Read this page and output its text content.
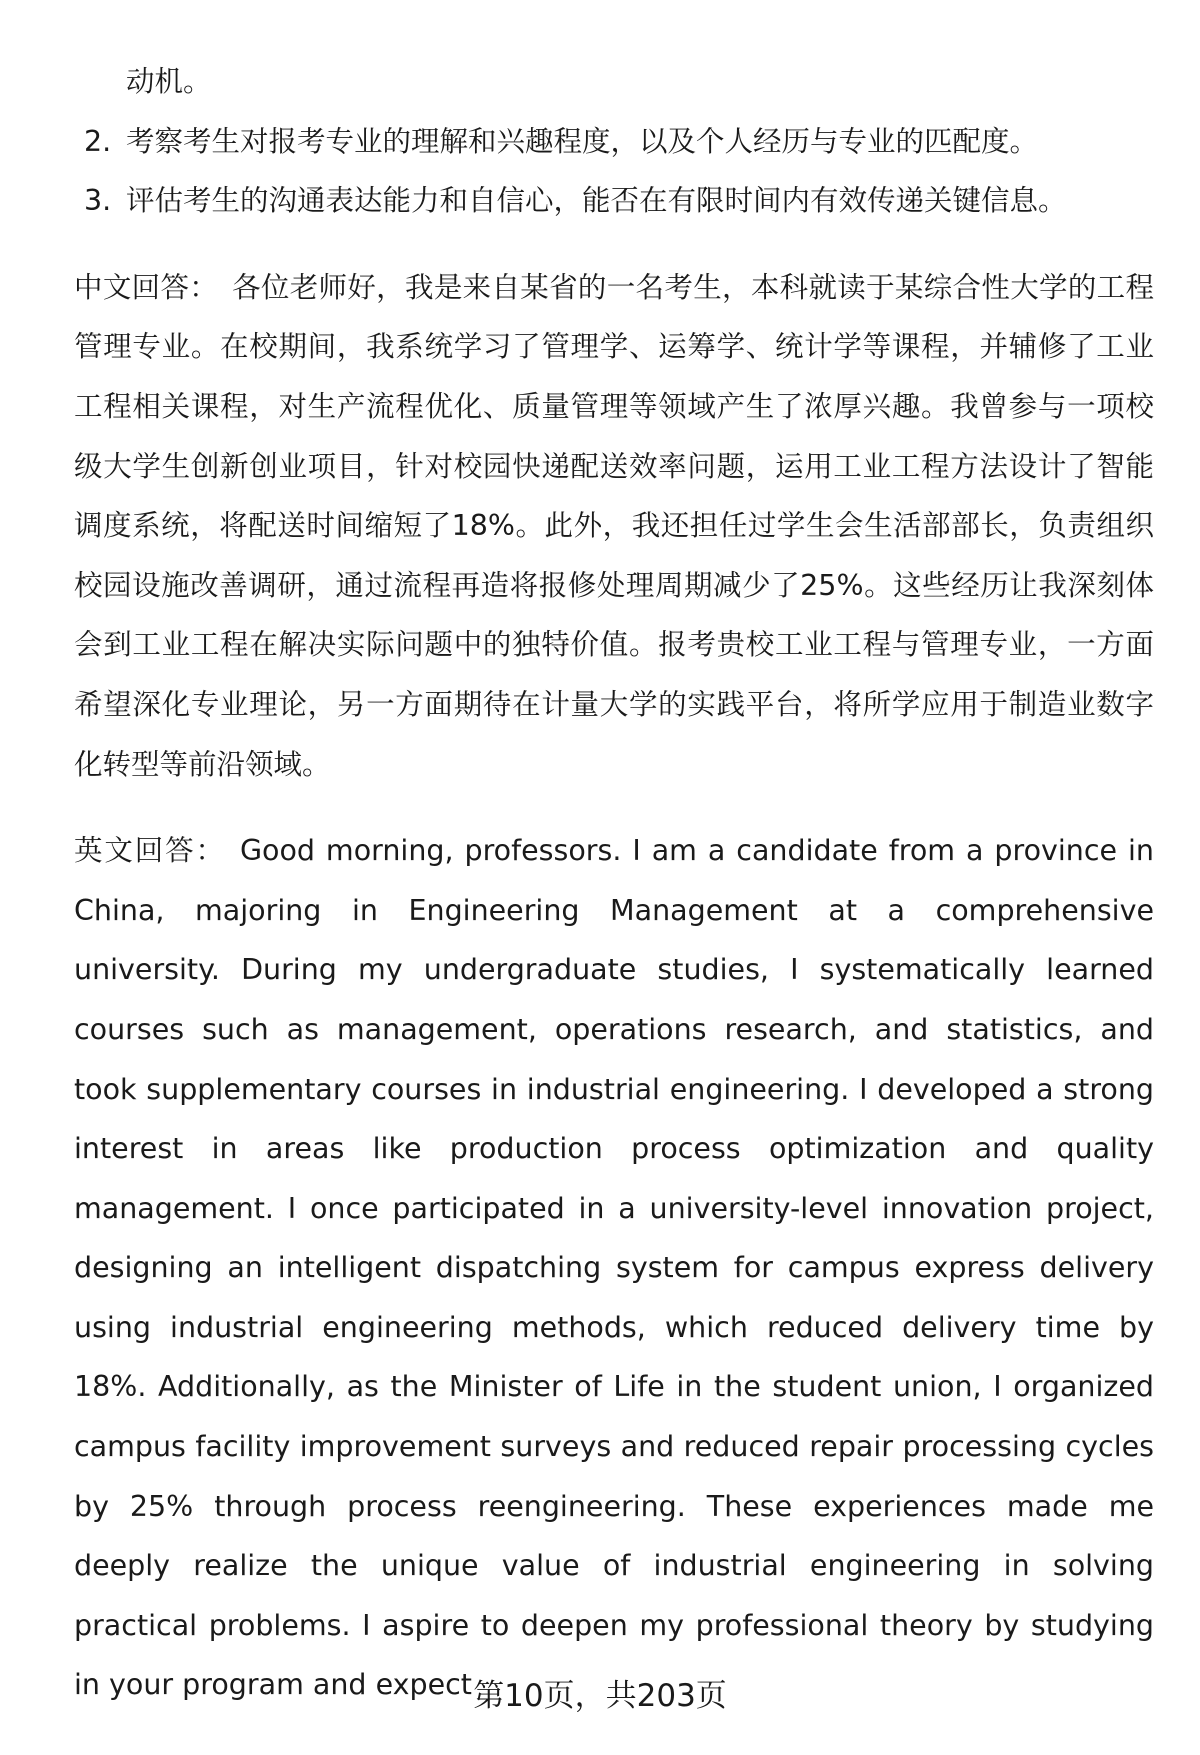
动机。

2. 考察考生对报考专业的理解和兴趣程度，以及个人经历与专业的匹配度。
3. 评估考生的沟通表达能力和自信心，能否在有限时间内有效传递关键信息。

中文回答： 各位老师好，我是来自某省的一名考生，本科就读于某综合性大学的工程管理专业。在校期间，我系统学习了管理学、运筹学、统计学等课程，并辅修了工业工程相关课程，对生产流程优化、质量管理等领域产生了浓厚兴趣。我曾参与一项校级大学生创新创业项目，针对校园快递配送效率问题，运用工业工程方法设计了智能调度系统，将配送时间缩短了18%。此外，我还担任过学生会生活部部长，负责组织校园设施改善调研，通过流程再造将报修处理周期减少了25%。这些经历让我深刻体会到工业工程在解决实际问题中的独特价值。报考贵校工业工程与管理专业，一方面希望深化专业理论，另一方面期待在计量大学的实践平台，将所学应用于制造业数字化转型等前沿领域。

英文回答： Good morning, professors. I am a candidate from a province in China, majoring in Engineering Management at a comprehensive university. During my undergraduate studies, I systematically learned courses such as management, operations research, and statistics, and took supplementary courses in industrial engineering. I developed a strong interest in areas like production process optimization and quality management. I once participated in a university-level innovation project, designing an intelligent dispatching system for campus express delivery using industrial engineering methods, which reduced delivery time by 18%. Additionally, as the Minister of Life in the student union, I organized campus facility improvement surveys and reduced repair processing cycles by 25% through process reengineering. These experiences made me deeply realize the unique value of industrial engineering in solving practical problems. I aspire to deepen my professional theory by studying in your program and expect 第10页，共203页
